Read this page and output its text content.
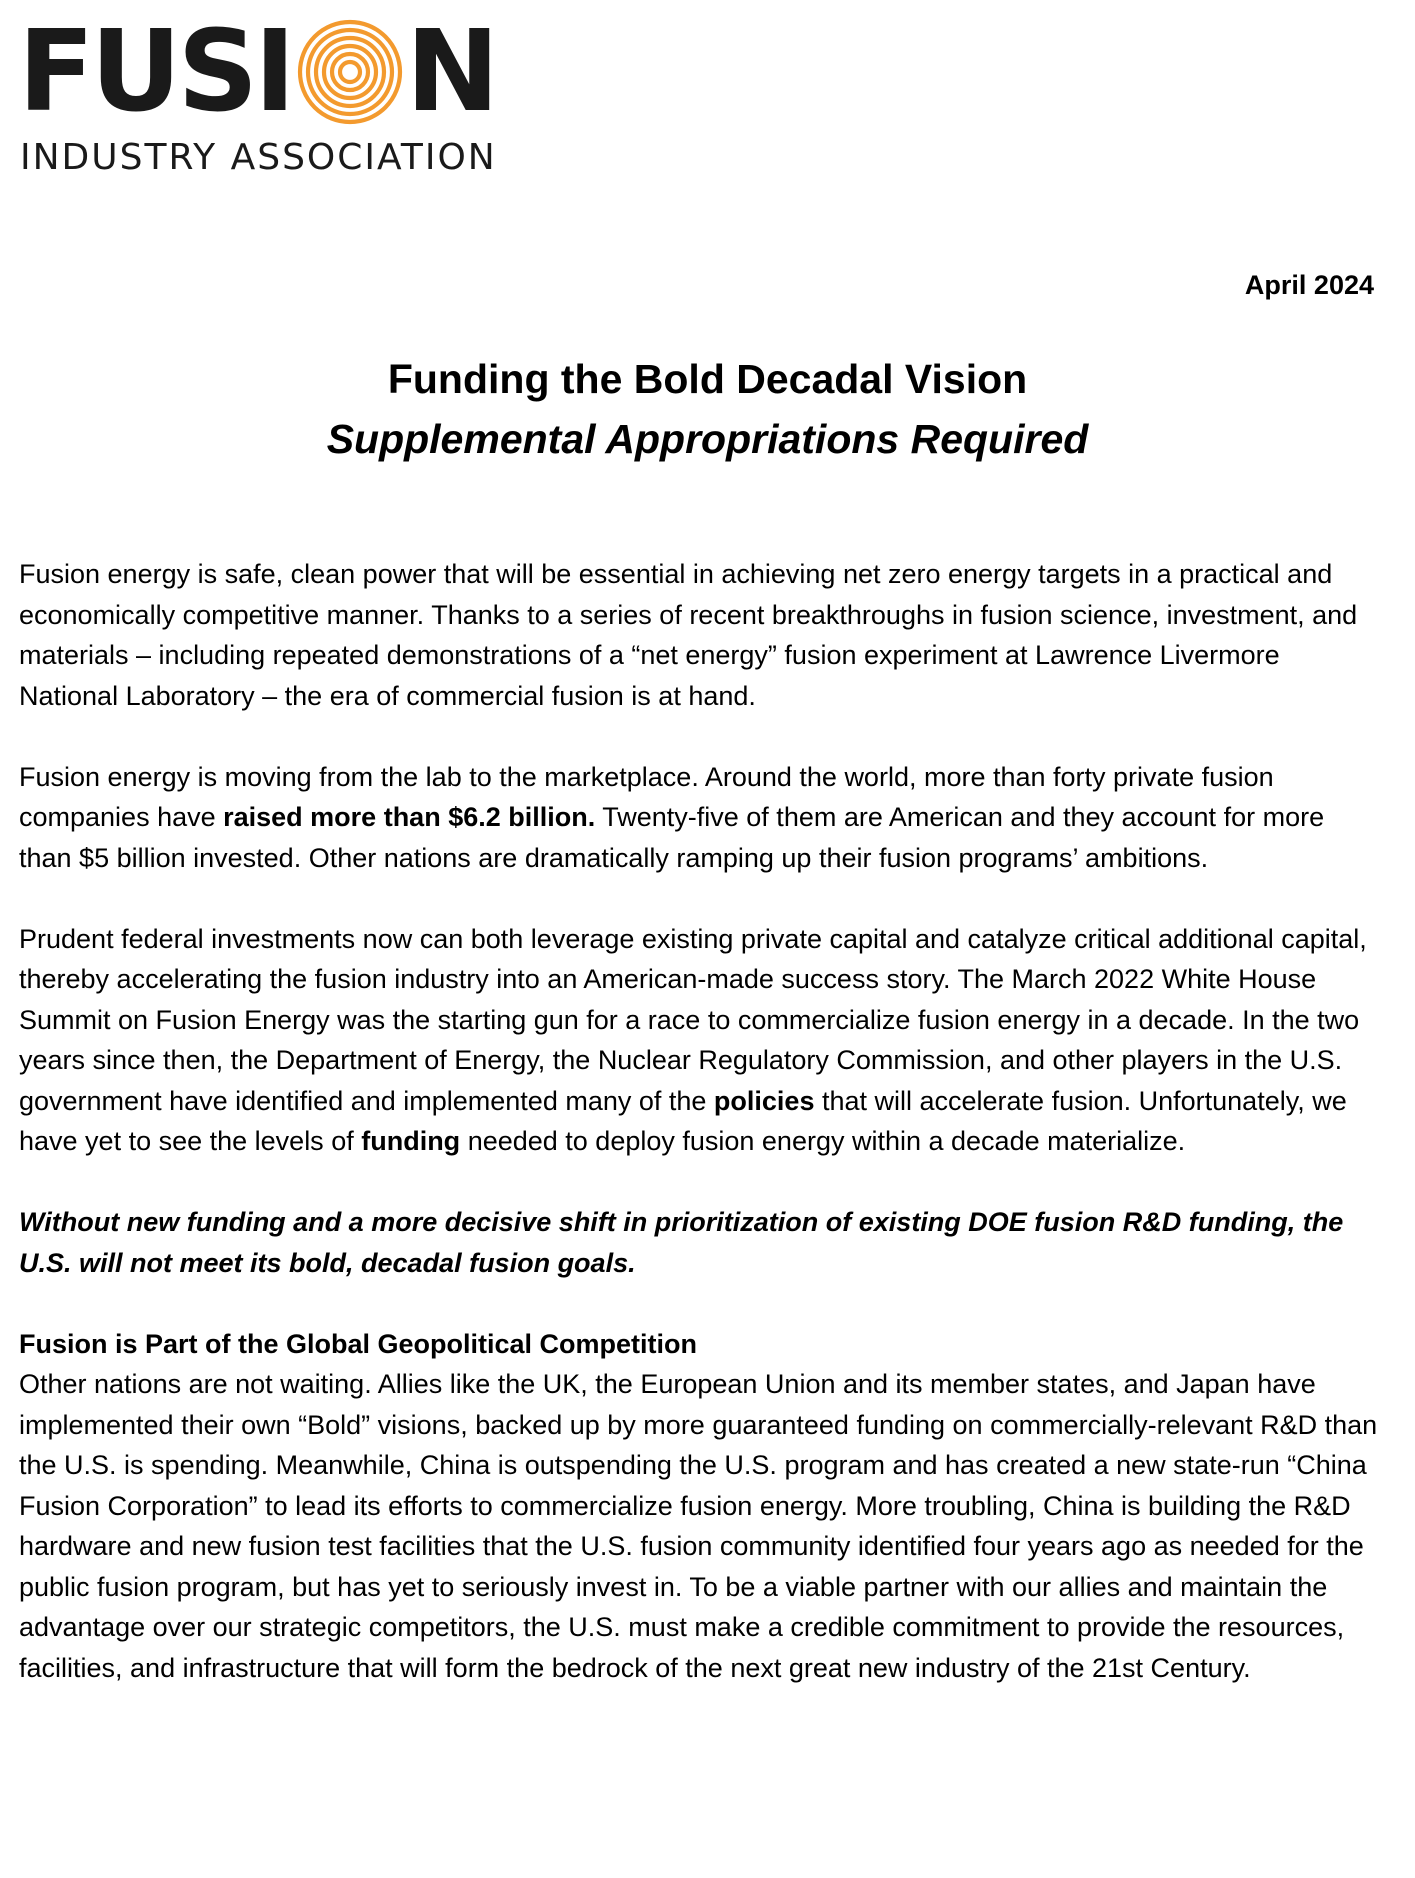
FUSI N
INDUSTRY ASSOCIATION
April 2024
Funding the Bold Decadal Vision
Supplemental Appropriations Required

Fusion energy is safe, clean power that will be essential in achieving net zero energy targets in a practical and economically competitive manner. Thanks to a series of recent breakthroughs in fusion science, investment, and materials – including repeated demonstrations of a “net energy” fusion experiment at Lawrence Livermore National Laboratory – the era of commercial fusion is at hand.

Fusion energy is moving from the lab to the marketplace. Around the world, more than forty private fusion companies have raised more than $6.2 billion. Twenty-five of them are American and they account for more than $5 billion invested. Other nations are dramatically ramping up their fusion programs’ ambitions.

Prudent federal investments now can both leverage existing private capital and catalyze critical additional capital, thereby accelerating the fusion industry into an American-made success story. The March 2022 White House Summit on Fusion Energy was the starting gun for a race to commercialize fusion energy in a decade. In the two years since then, the Department of Energy, the Nuclear Regulatory Commission, and other players in the U.S. government have identified and implemented many of the policies that will accelerate fusion. Unfortunately, we have yet to see the levels of funding needed to deploy fusion energy within a decade materialize.

Without new funding and a more decisive shift in prioritization of existing DOE fusion R&D funding, the U.S. will not meet its bold, decadal fusion goals.

Fusion is Part of the Global Geopolitical Competition

Other nations are not waiting. Allies like the UK, the European Union and its member states, and Japan have implemented their own “Bold” visions, backed up by more guaranteed funding on commercially-relevant R&D than the U.S. is spending. Meanwhile, China is outspending the U.S. program and has created a new state-run “China Fusion Corporation” to lead its efforts to commercialize fusion energy. More troubling, China is building the R&D hardware and new fusion test facilities that the U.S. fusion community identified four years ago as needed for the public fusion program, but has yet to seriously invest in. To be a viable partner with our allies and maintain the advantage over our strategic competitors, the U.S. must make a credible commitment to provide the resources, facilities, and infrastructure that will form the bedrock of the next great new industry of the 21st Century.
